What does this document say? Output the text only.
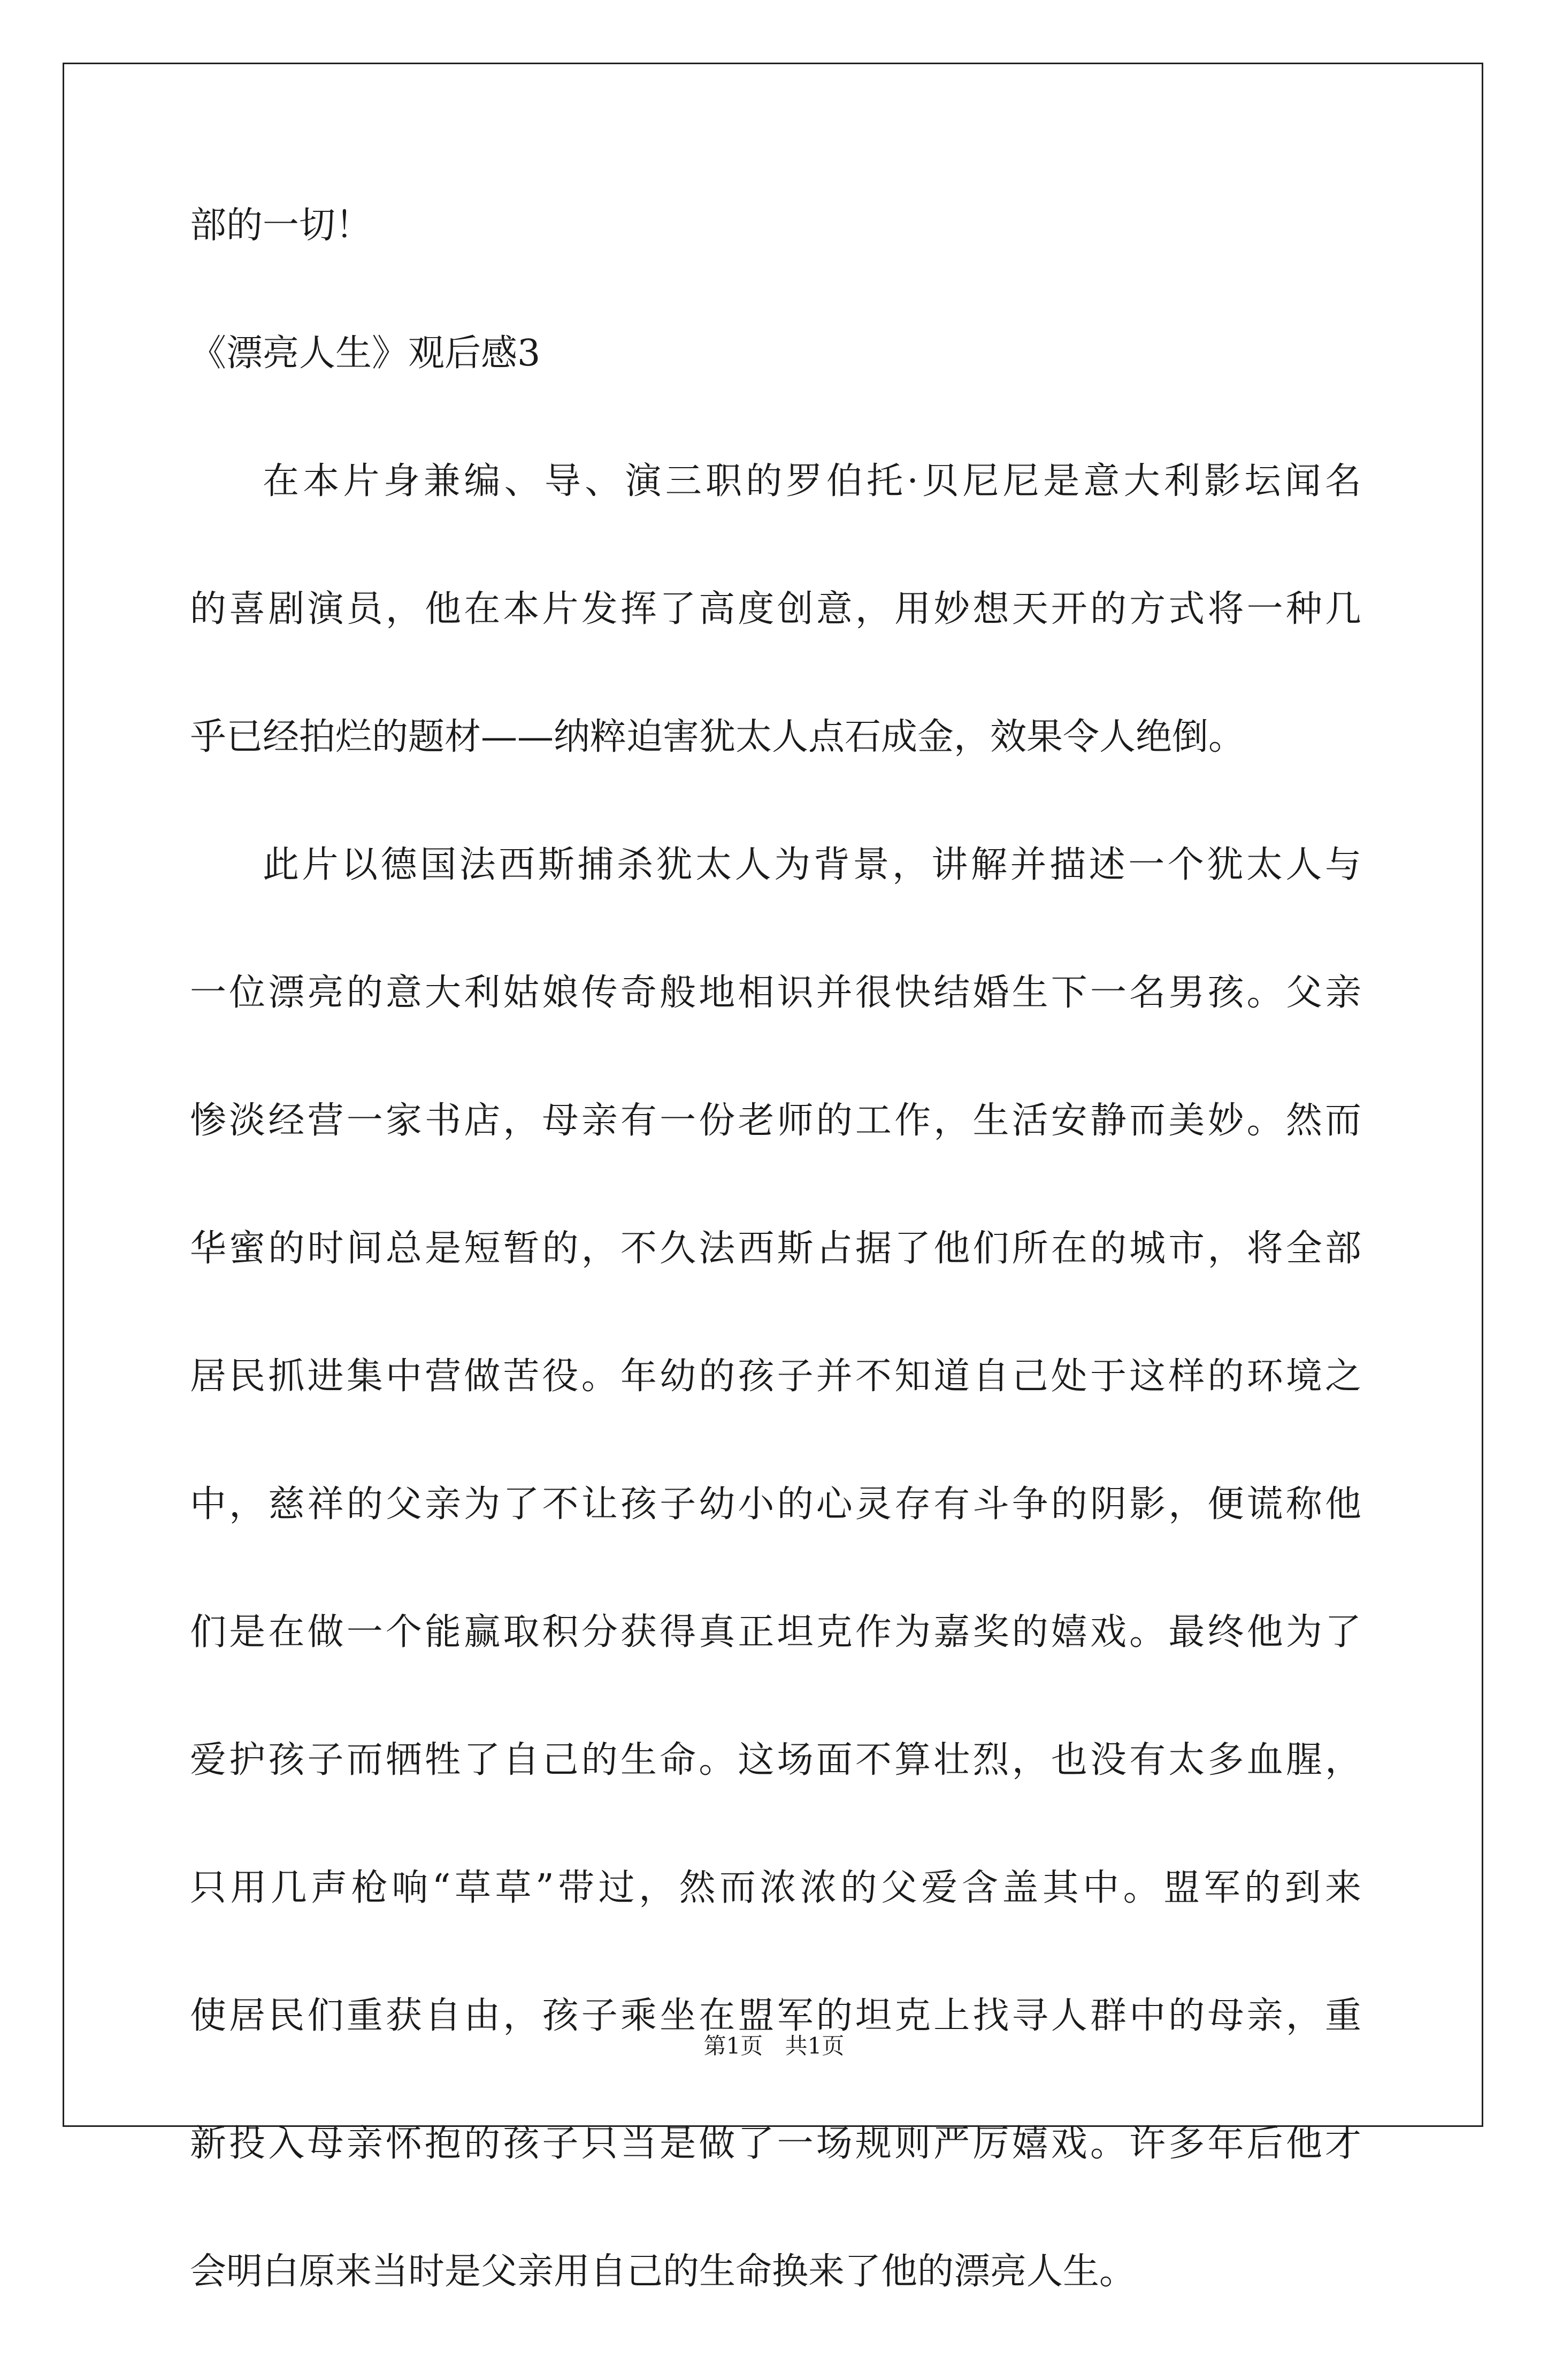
部的一切！

《漂亮人生》观后感3

在本片身兼编、导、演三职的罗伯托·贝尼尼是意大利影坛闻名

的喜剧演员，他在本片发挥了高度创意，用妙想天开的方式将一种几

乎已经拍烂的题材——纳粹迫害犹太人点石成金，效果令人绝倒。

此片以德国法西斯捕杀犹太人为背景，讲解并描述一个犹太人与

一位漂亮的意大利姑娘传奇般地相识并很快结婚生下一名男孩。父亲

惨淡经营一家书店，母亲有一份老师的工作，生活安静而美妙。然而

华蜜的时间总是短暂的，不久法西斯占据了他们所在的城市，将全部

居民抓进集中营做苦役。年幼的孩子并不知道自己处于这样的环境之

中，慈祥的父亲为了不让孩子幼小的心灵存有斗争的阴影，便谎称他

们是在做一个能赢取积分获得真正坦克作为嘉奖的嬉戏。最终他为了

爱护孩子而牺牲了自己的生命。这场面不算壮烈，也没有太多血腥，

只用几声枪响“草草”带过，然而浓浓的父爱含盖其中。盟军的到来

使居民们重获自由，孩子乘坐在盟军的坦克上找寻人群中的母亲，重

新投入母亲怀抱的孩子只当是做了一场规则严厉嬉戏。许多年后他才

会明白原来当时是父亲用自己的生命换来了他的漂亮人生。

第1页 共1页
